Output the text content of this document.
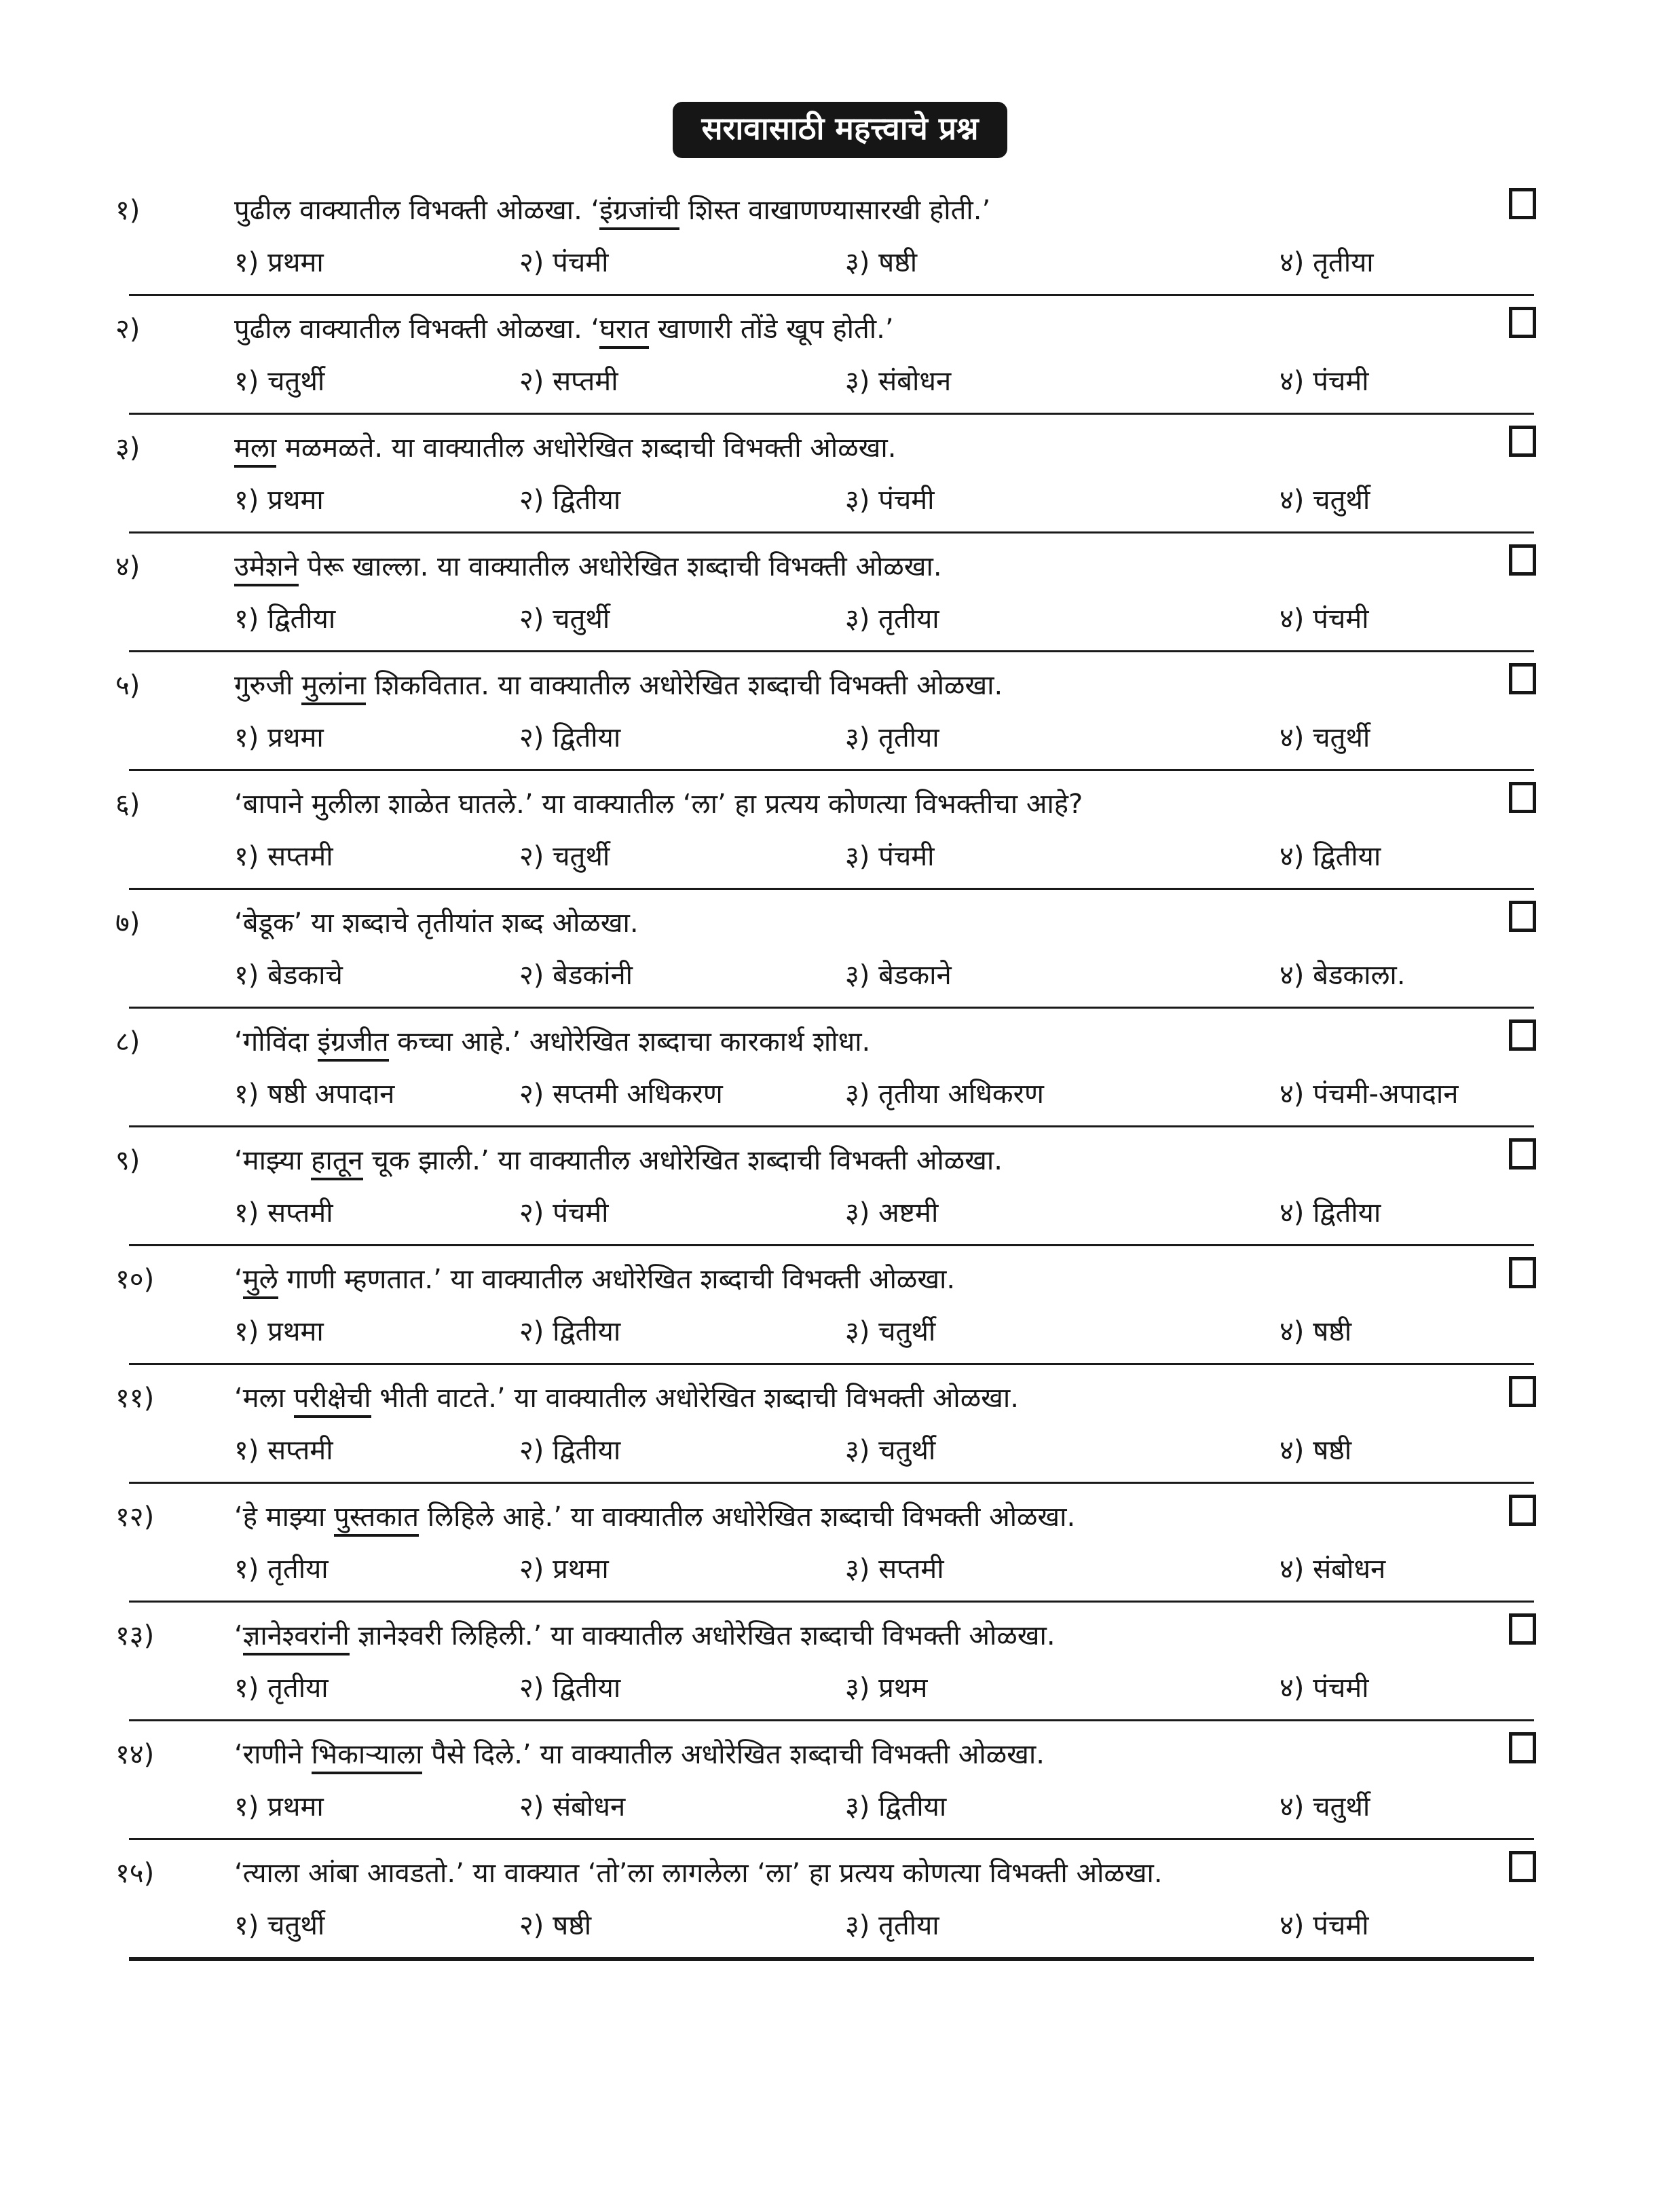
सरावासाठी महत्त्वाचे प्रश्न
१)	पुढील वाक्यातील विभक्ती ओळखा. ‘इंग्रजांची शिस्त वाखाणण्यासारखी होती.’
१) प्रथमा	२) पंचमी	३) षष्ठी	४) तृतीया
२)	पुढील वाक्यातील विभक्ती ओळखा. ‘घरात खाणारी तोंडे खूप होती.’
१) चतुर्थी	२) सप्तमी	३) संबोधन	४) पंचमी
३)	मला मळमळते. या वाक्यातील अधोरेखित शब्दाची विभक्ती ओळखा.
१) प्रथमा	२) द्वितीया	३) पंचमी	४) चतुर्थी
४)	उमेशने पेरू खाल्ला. या वाक्यातील अधोरेखित शब्दाची विभक्ती ओळखा.
१) द्वितीया	२) चतुर्थी	३) तृतीया	४) पंचमी
५)	गुरुजी मुलांना शिकवितात. या वाक्यातील अधोरेखित शब्दाची विभक्ती ओळखा.
१) प्रथमा	२) द्वितीया	३) तृतीया	४) चतुर्थी
६)	‘बापाने मुलीला शाळेत घातले.’ या वाक्यातील ‘ला’ हा प्रत्यय कोणत्या विभक्तीचा आहे?
१) सप्तमी	२) चतुर्थी	३) पंचमी	४) द्वितीया
७)	‘बेडूक’ या शब्दाचे तृतीयांत शब्द ओळखा.
१) बेडकाचे	२) बेडकांनी	३) बेडकाने	४) बेडकाला.
८)	‘गोविंदा इंग्रजीत कच्चा आहे.’ अधोरेखित शब्दाचा कारकार्थ शोधा.
१) षष्ठी अपादान	२) सप्तमी अधिकरण	३) तृतीया अधिकरण	४) पंचमी-अपादान
९)	‘माझ्या हातून चूक झाली.’ या वाक्यातील अधोरेखित शब्दाची विभक्ती ओळखा.
१) सप्तमी	२) पंचमी	३) अष्टमी	४) द्वितीया
१०)	‘मुले गाणी म्हणतात.’ या वाक्यातील अधोरेखित शब्दाची विभक्ती ओळखा.
१) प्रथमा	२) द्वितीया	३) चतुर्थी	४) षष्ठी
११)	‘मला परीक्षेची भीती वाटते.’ या वाक्यातील अधोरेखित शब्दाची विभक्ती ओळखा.
१) सप्तमी	२) द्वितीया	३) चतुर्थी	४) षष्ठी
१२)	‘हे माझ्या पुस्तकात लिहिले आहे.’ या वाक्यातील अधोरेखित शब्दाची विभक्ती ओळखा.
१) तृतीया	२) प्रथमा	३) सप्तमी	४) संबोधन
१३)	‘ज्ञानेश्वरांनी ज्ञानेश्वरी लिहिली.’ या वाक्यातील अधोरेखित शब्दाची विभक्ती ओळखा.
१) तृतीया	२) द्वितीया	३) प्रथम	४) पंचमी
१४)	‘राणीने भिकाऱ्याला पैसे दिले.’ या वाक्यातील अधोरेखित शब्दाची विभक्ती ओळखा.
१) प्रथमा	२) संबोधन	३) द्वितीया	४) चतुर्थी
१५)	‘त्याला आंबा आवडतो.’ या वाक्यात ‘तो’ला लागलेला ‘ला’ हा प्रत्यय कोणत्या विभक्ती ओळखा.
१) चतुर्थी	२) षष्ठी	३) तृतीया	४) पंचमी
